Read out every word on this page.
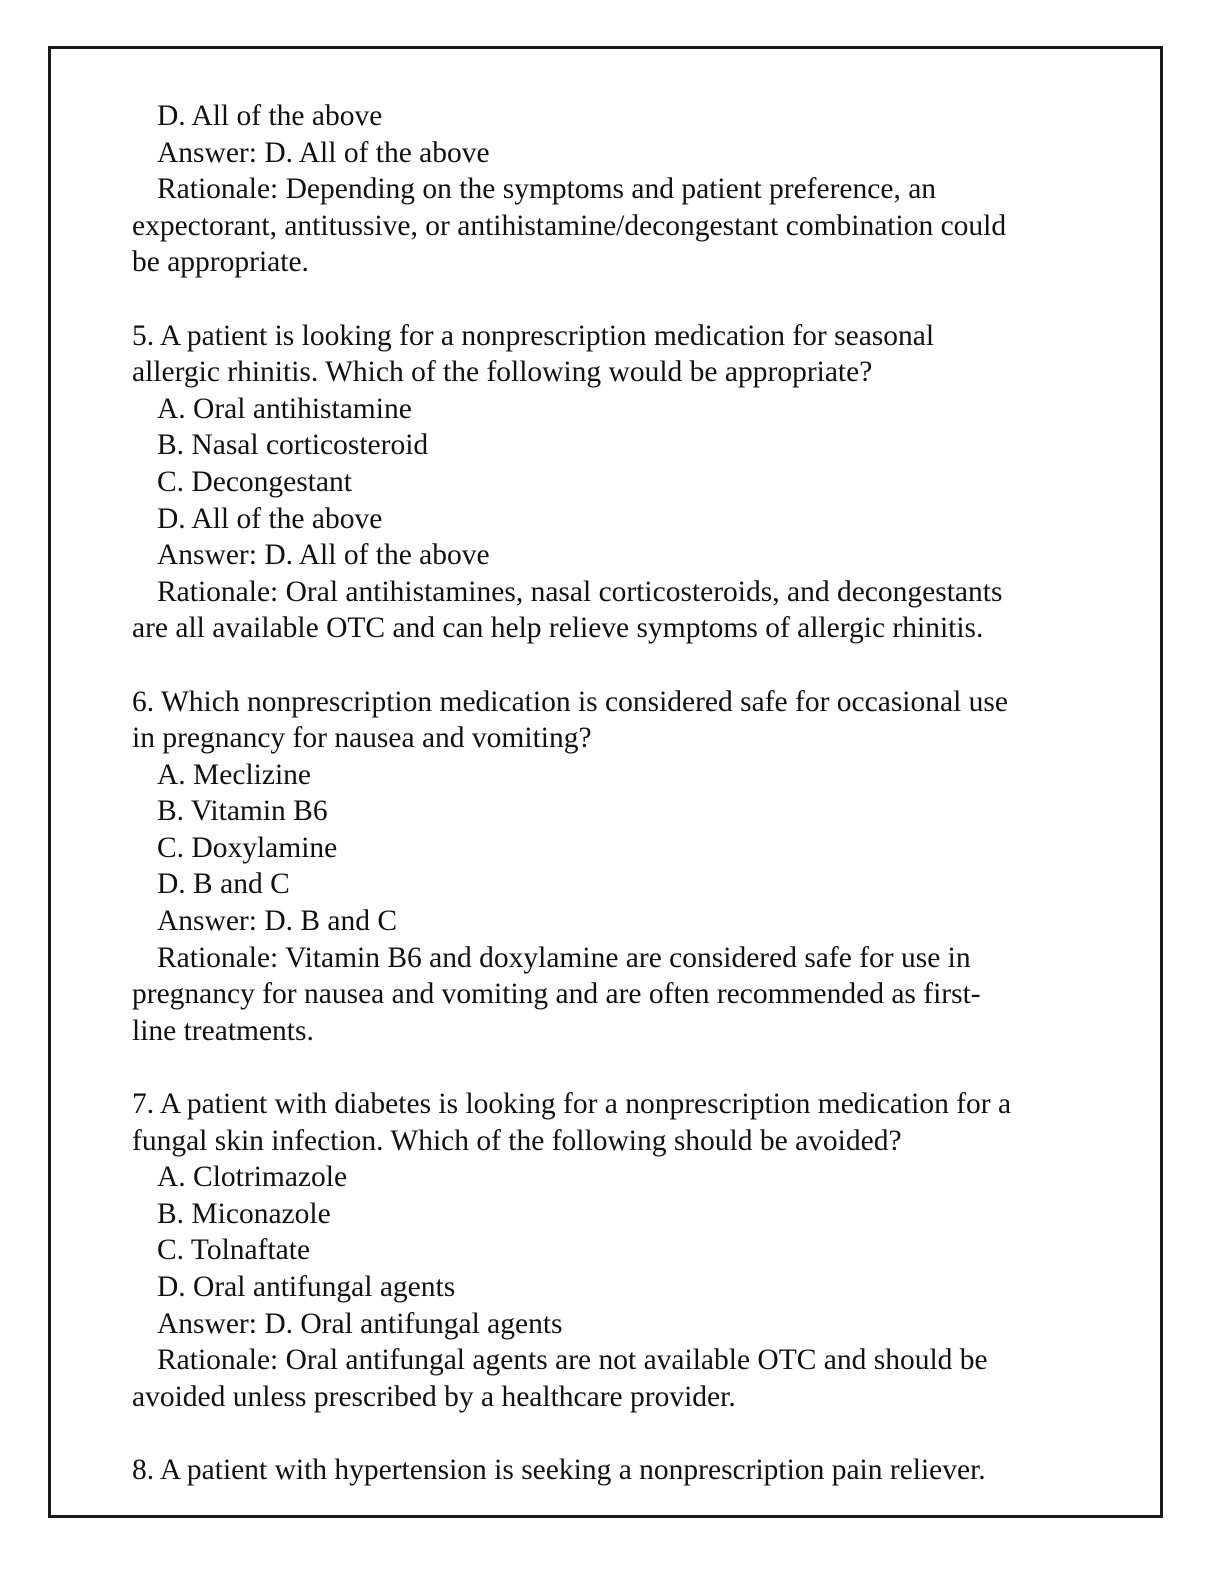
D. All of the above
Answer: D. All of the above
Rationale: Depending on the symptoms and patient preference, an
expectorant, antitussive, or antihistamine/decongestant combination could
be appropriate.
5. A patient is looking for a nonprescription medication for seasonal
allergic rhinitis. Which of the following would be appropriate?
A. Oral antihistamine
B. Nasal corticosteroid
C. Decongestant
D. All of the above
Answer: D. All of the above
Rationale: Oral antihistamines, nasal corticosteroids, and decongestants
are all available OTC and can help relieve symptoms of allergic rhinitis.
6. Which nonprescription medication is considered safe for occasional use
in pregnancy for nausea and vomiting?
A. Meclizine
B. Vitamin B6
C. Doxylamine
D. B and C
Answer: D. B and C
Rationale: Vitamin B6 and doxylamine are considered safe for use in
pregnancy for nausea and vomiting and are often recommended as first-
line treatments.
7. A patient with diabetes is looking for a nonprescription medication for a
fungal skin infection. Which of the following should be avoided?
A. Clotrimazole
B. Miconazole
C. Tolnaftate
D. Oral antifungal agents
Answer: D. Oral antifungal agents
Rationale: Oral antifungal agents are not available OTC and should be
avoided unless prescribed by a healthcare provider.
8. A patient with hypertension is seeking a nonprescription pain reliever.
